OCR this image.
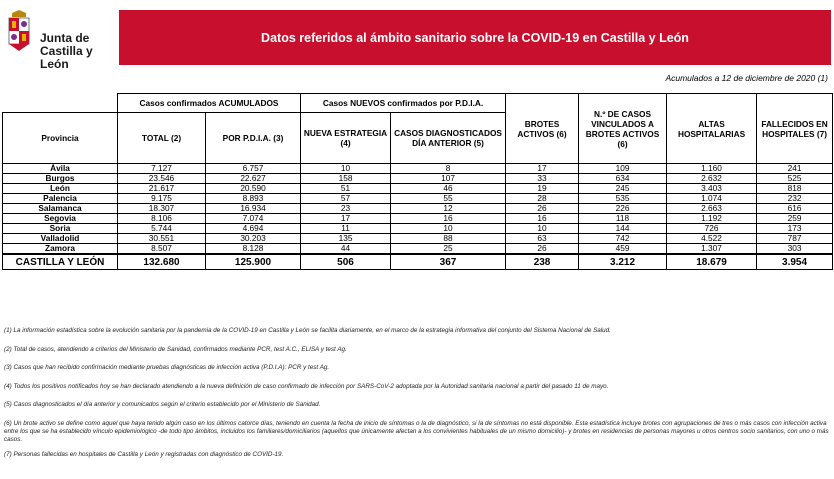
Junta de
Castilla y León
Datos referidos al ámbito sanitario sobre la COVID-19 en Castilla y León
Acumulados a 12 de diciembre de 2020 (1)
	Casos confirmados ACUMULADOS		Casos NUEVOS confirmados por P.D.I.A.		BROTES ACTIVOS (6)	N.º DE CASOS VINCULADOS A BROTES ACTIVOS (6)	ALTAS HOSPITALARIAS	FALLECIDOS EN HOSPITALES (7)
Provincia	TOTAL (2)	POR P.D.I.A. (3)	NUEVA ESTRATEGIA (4)	CASOS DIAGNOSTICADOS DÍA ANTERIOR (5)				
Ávila	7.127	6.757	10	8	17	109	1.160	241
Burgos	23.546	22.627	158	107	33	634	2.632	525
León	21.617	20.590	51	46	19	245	3.403	818
Palencia	9.175	8.893	57	55	28	535	1.074	232
Salamanca	18.307	16.934	23	12	26	226	2.663	616
Segovia	8.106	7.074	17	16	16	118	1.192	259
Soria	5.744	4.694	11	10	10	144	726	173
Valladolid	30.551	30.203	135	88	63	742	4.522	787
Zamora	8.507	8.128	44	25	26	459	1.307	303
CASTILLA Y LEÓN	132.680	125.900	506	367	238	3.212	18.679	3.954

(1) La información estadística sobre la evolución sanitaria por la pandemia de la COVID-19 en Castilla y León se facilita diariamente, en el marco de la estrategia informativa del conjunto del Sistema Nacional de Salud.

(2) Total de casos, atendiendo a criterios del Ministerio de Sanidad, confirmados mediante PCR, test A.C., ELISA y test Ag.

(3) Casos que han recibido confirmación mediante pruebas diagnósticas de infección activa (P.D.I.A): PCR y test Ag.

(4) Todos los positivos notificados hoy se han declarado atendiendo a la nueva definición de caso confirmado de infección por SARS-CoV-2 adoptada por la Autoridad sanitaria nacional a partir del pasado 11 de mayo.

(5) Casos diagnosticados el día anterior y comunicados según el criterio establecido por el Ministerio de Sanidad.

(6) Un brote activo se define como aquel que haya tenido algún caso en los últimos catorce días, teniendo en cuenta la fecha de inicio de síntomas o la de diagnóstico, si la de síntomas no está disponible. Esta estadística incluye brotes con agrupaciones de tres o más casos con infección activa entre los que se ha establecido vínculo epidemiológico -de todo tipo ámbitos, incluidos los familiares/domiciliarios (aquellos que únicamente afectan a los convivientes habituales de un mismo domicilio)- y brotes en residencias de personas mayores u otros centros socio sanitarios, con uno o más casos.

(7) Personas fallecidas en hospitales de Castilla y León y registradas con diagnóstico de COVID-19.
